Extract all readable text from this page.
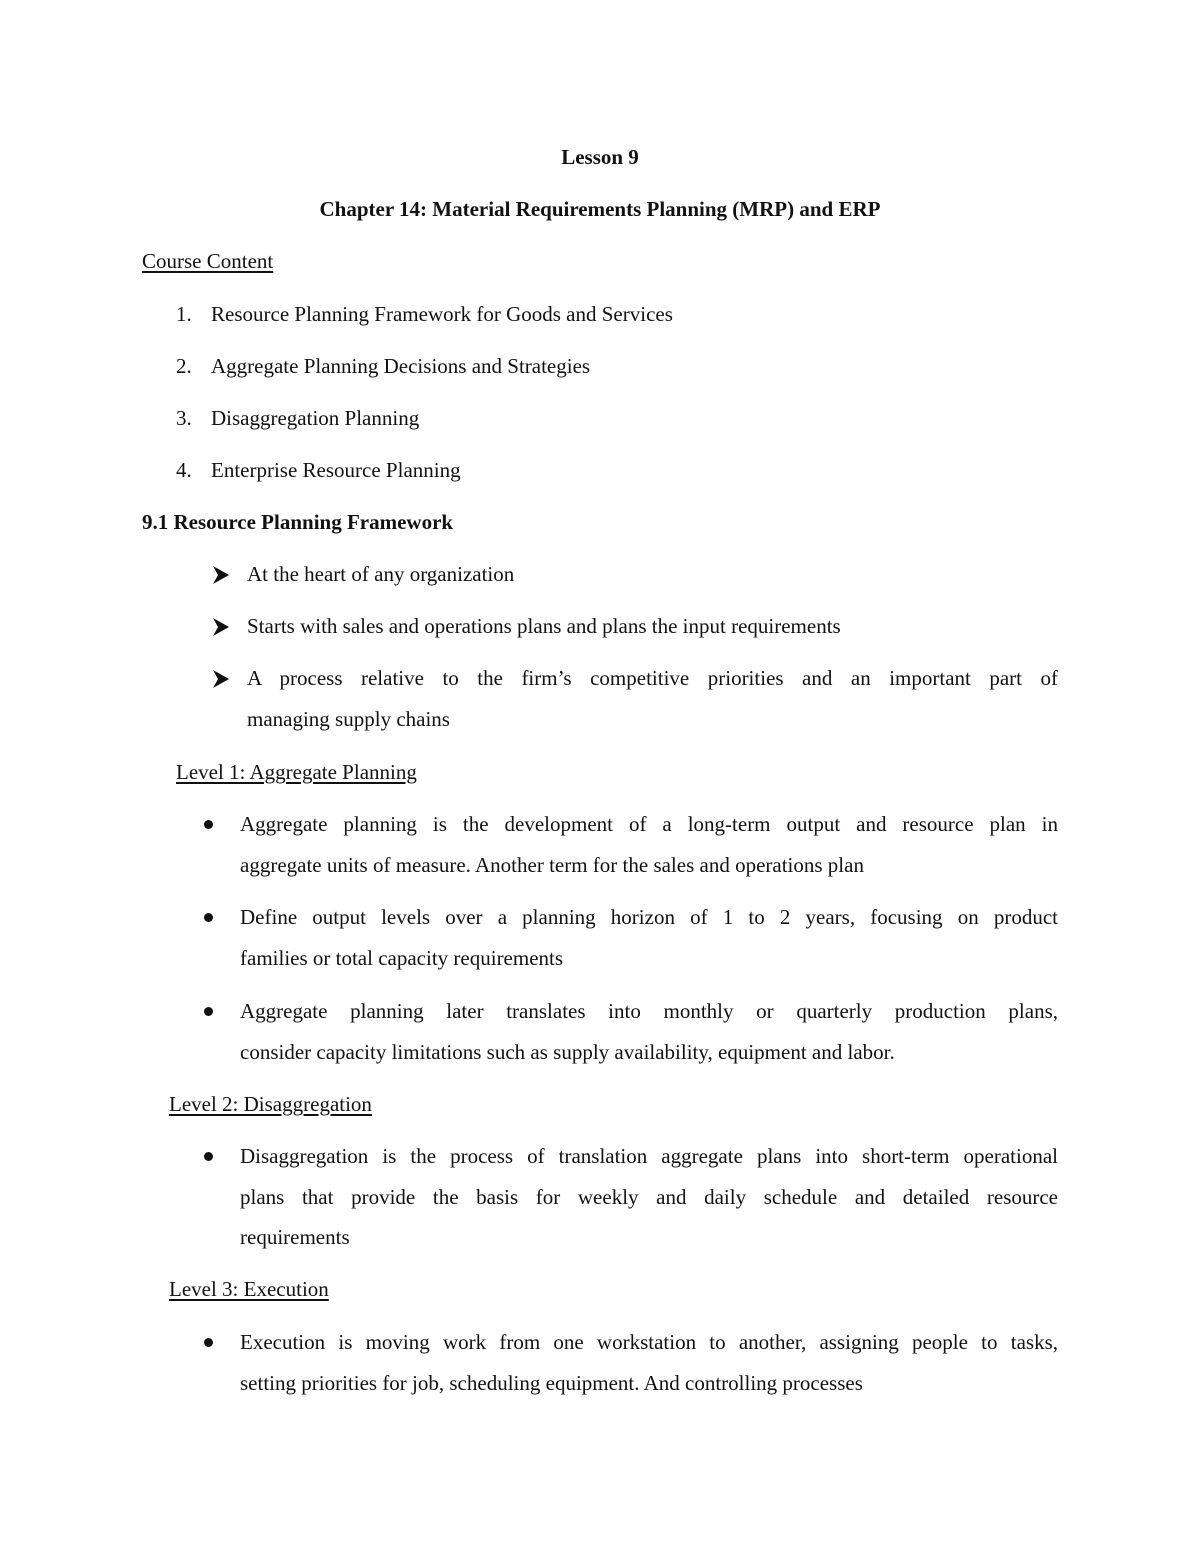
Lesson 9
Chapter 14: Material Requirements Planning (MRP) and ERP
Course Content
1. Resource Planning Framework for Goods and Services
2. Aggregate Planning Decisions and Strategies
3. Disaggregation Planning
4. Enterprise Resource Planning
9.1 Resource Planning Framework
At the heart of any organization
Starts with sales and operations plans and plans the input requirements
A process relative to the firm’s competitive priorities and an important part of
managing supply chains
Level 1: Aggregate Planning
Aggregate planning is the development of a long-term output and resource plan in
aggregate units of measure. Another term for the sales and operations plan
Define output levels over a planning horizon of 1 to 2 years, focusing on product
families or total capacity requirements
Aggregate planning later translates into monthly or quarterly production plans,
consider capacity limitations such as supply availability, equipment and labor.
Level 2: Disaggregation
Disaggregation is the process of translation aggregate plans into short-term operational
plans that provide the basis for weekly and daily schedule and detailed resource
requirements
Level 3: Execution
Execution is moving work from one workstation to another, assigning people to tasks,
setting priorities for job, scheduling equipment. And controlling processes
